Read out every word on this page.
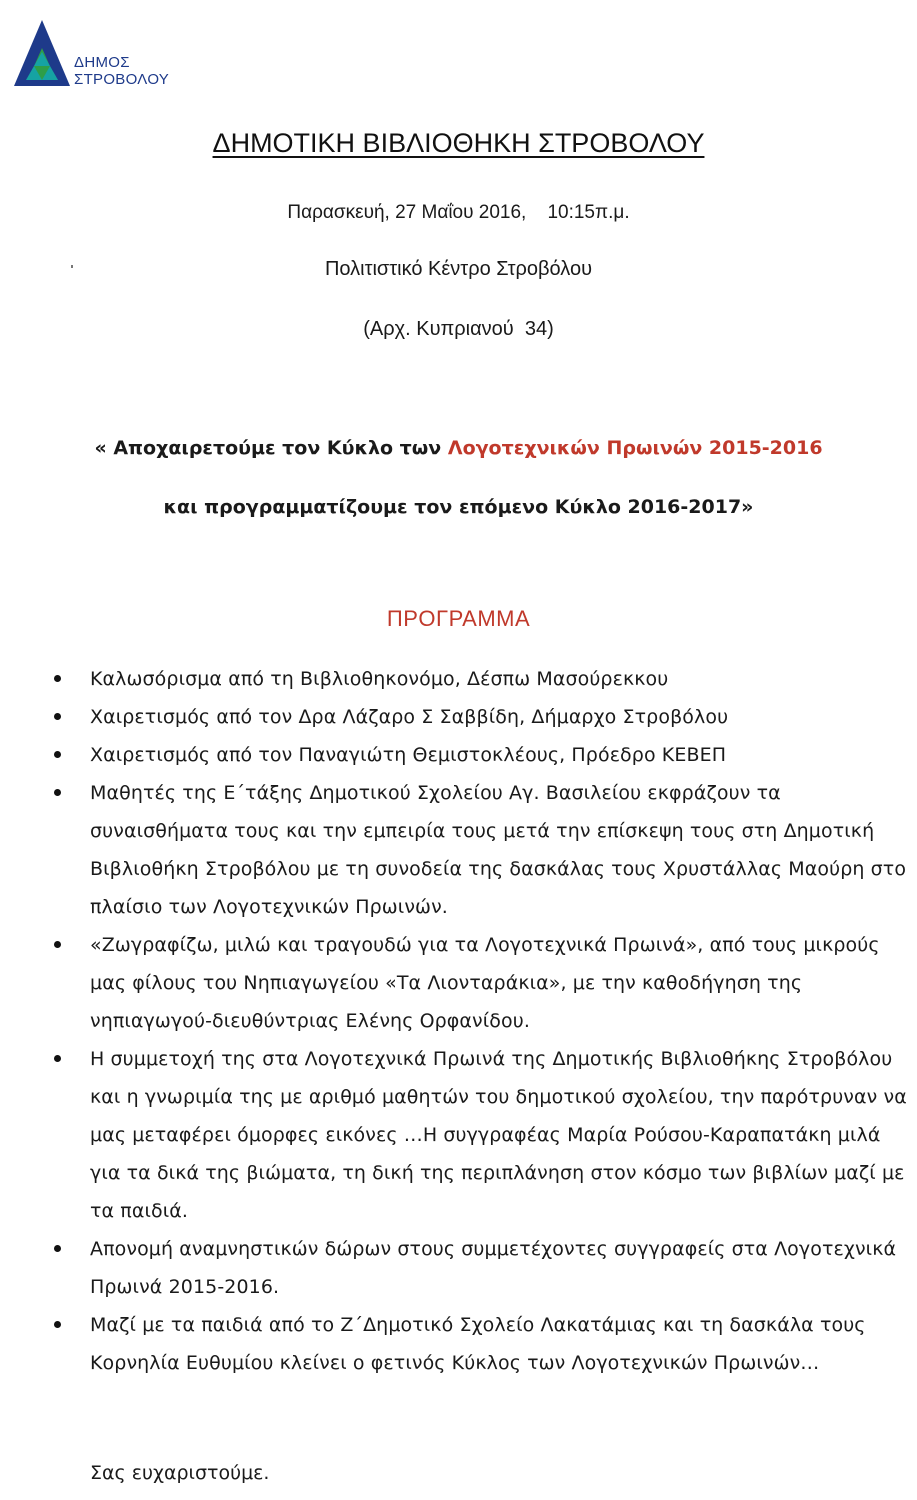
ΔΗΜΟΣ
ΣΤΡΟΒΟΛΟΥ
ΔΗΜΟΤΙΚΗ ΒΙΒΛΙΟΘΗΚΗ ΣΤΡΟΒΟΛΟΥ
Παρασκευή, 27 Μαΐου 2016,    10:15π.μ.
Πολιτιστικό Κέντρο Στροβόλου
(Αρχ. Κυπριανού  34)
« Αποχαιρετούμε τον Κύκλο των Λογοτεχνικών Πρωινών 2015-2016
και προγραμματίζουμε τον επόμενο Κύκλο 2016-2017»
ΠΡΟΓΡΑΜΜΑ
Καλωσόρισμα από τη Βιβλιοθηκονόμο, Δέσπω Μασούρεκκου
Χαιρετισμός από τον Δρα Λάζαρο Σ Σαββίδη, Δήμαρχο Στροβόλου
Χαιρετισμός από τον Παναγιώτη Θεμιστοκλέους, Πρόεδρο ΚΕΒΕΠ
Μαθητές της Ε΄τάξης Δημοτικού Σχολείου Αγ. Βασιλείου εκφράζουν τα συναισθήματα τους και την εμπειρία τους μετά την επίσκεψη τους στη Δημοτική Βιβλιοθήκη Στροβόλου με τη συνοδεία της δασκάλας τους Χρυστάλλας Μαούρη στο πλαίσιο των Λογοτεχνικών Πρωινών.
«Ζωγραφίζω, μιλώ και τραγουδώ για τα Λογοτεχνικά Πρωινά», από τους μικρούς μας φίλους του Νηπιαγωγείου «Τα Λιονταράκια», με την καθοδήγηση της νηπιαγωγού-διευθύντριας Ελένης Ορφανίδου.
Η συμμετοχή της στα Λογοτεχνικά Πρωινά της Δημοτικής Βιβλιοθήκης Στροβόλου και η γνωριμία της με αριθμό μαθητών του δημοτικού σχολείου, την παρότρυναν να μας μεταφέρει όμορφες εικόνες …Η συγγραφέας Μαρία Ρούσου-Καραπατάκη μιλά για τα δικά της βιώματα, τη δική της περιπλάνηση στον κόσμο των βιβλίων μαζί με τα παιδιά.
Απονομή αναμνηστικών δώρων στους συμμετέχοντες συγγραφείς στα Λογοτεχνικά Πρωινά 2015-2016.
Μαζί με τα παιδιά από το Ζ΄Δημοτικό Σχολείο Λακατάμιας και τη δασκάλα τους Κορνηλία Ευθυμίου κλείνει ο φετινός Κύκλος των Λογοτεχνικών Πρωινών…
Σας ευχαριστούμε.
